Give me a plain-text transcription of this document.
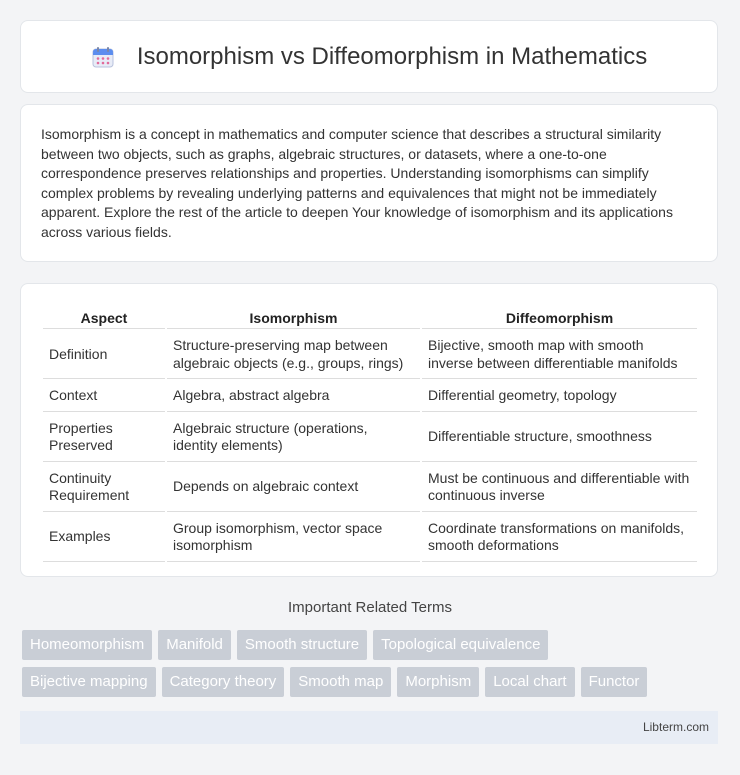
Isomorphism vs Diffeomorphism in Mathematics

Isomorphism is a concept in mathematics and computer science that describes a structural similarity between two objects, such as graphs, algebraic structures, or datasets, where a one-to-one correspondence preserves relationships and properties. Understanding isomorphisms can simplify complex problems by revealing underlying patterns and equivalences that might not be immediately apparent. Explore the rest of the article to deepen Your knowledge of isomorphism and its applications across various fields.

Aspect	Isomorphism	Diffeomorphism
Definition	Structure-preserving map between algebraic objects (e.g., groups, rings)	Bijective, smooth map with smooth inverse between differentiable manifolds
Context	Algebra, abstract algebra	Differential geometry, topology
Properties Preserved	Algebraic structure (operations, identity elements)	Differentiable structure, smoothness
Continuity Requirement	Depends on algebraic context	Must be continuous and differentiable with continuous inverse
Examples	Group isomorphism, vector space isomorphism	Coordinate transformations on manifolds, smooth deformations
Important Related Terms
Homeomorphism	Manifold	Smooth structure	Topological equivalence
Bijective mapping	Category theory	Smooth map	Morphism	Local chart	Functor
Libterm.com
